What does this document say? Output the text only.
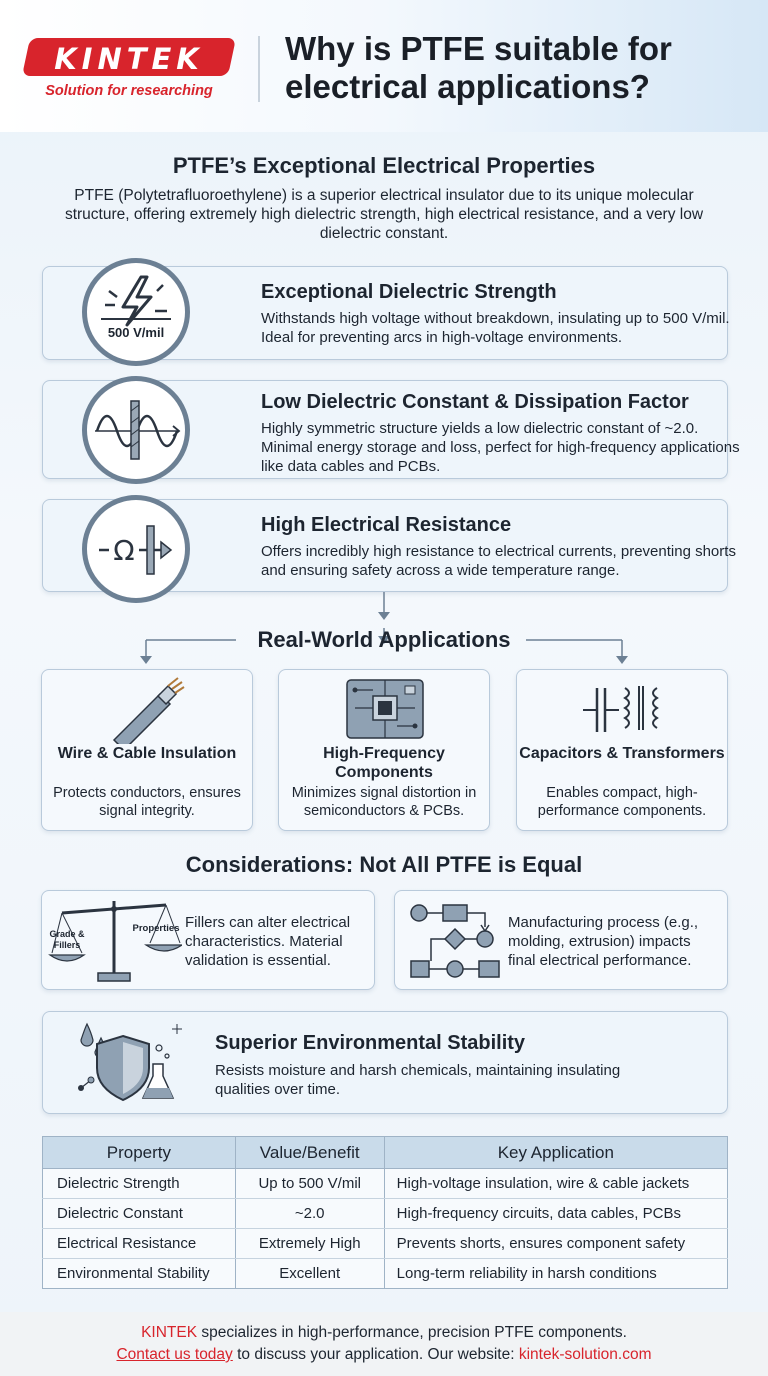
KINTEK
Solution for researching
Why is PTFE suitable for electrical applications?
PTFE’s Exceptional Electrical Properties
PTFE (Polytetrafluoroethylene) is a superior electrical insulator due to its unique molecular structure, offering extremely high dielectric strength, high electrical resistance, and a very low dielectric constant.
Exceptional Dielectric Strength
Withstands high voltage without breakdown, insulating up to 500 V/mil. Ideal for preventing arcs in high-voltage environments.
500 V/mil
Low Dielectric Constant & Dissipation Factor
Highly symmetric structure yields a low dielectric constant of ~2.0. Minimal energy storage and loss, perfect for high-frequency applications like data cables and PCBs.
High Electrical Resistance
Offers incredibly high resistance to electrical currents, preventing shorts and ensuring safety across a wide temperature range.
Ω
Real-World Applications
Wire & Cable Insulation
Protects conductors, ensures signal integrity.
High-Frequency Components
Minimizes signal distortion in semiconductors & PCBs.
Capacitors & Transformers
Enables compact, high-performance components.
Considerations: Not All PTFE is Equal
Grade & Fillers
Properties Fillers can alter electrical characteristics. Material validation is essential.
Manufacturing process (e.g., molding, extrusion) impacts final electrical performance.
Superior Environmental Stability
Resists moisture and harsh chemicals, maintaining insulating qualities over time.
Property	Value/Benefit	Key Application
Dielectric Strength	Up to 500 V/mil	High-voltage insulation, wire & cable jackets
Dielectric Constant	~2.0	High-frequency circuits, data cables, PCBs
Electrical Resistance	Extremely High	Prevents shorts, ensures component safety
Environmental Stability	Excellent	Long-term reliability in harsh conditions
KINTEK specializes in high-performance, precision PTFE components.
Contact us today to discuss your application. Our website: kintek-solution.com
